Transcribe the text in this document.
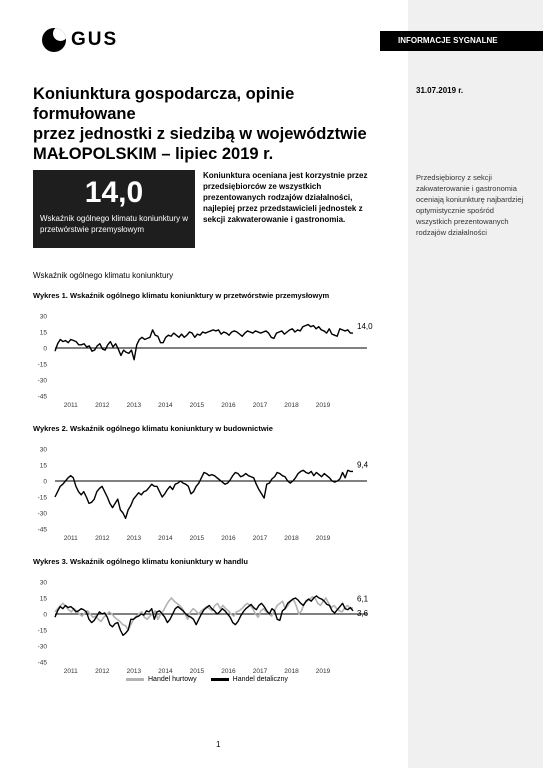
INFORMACJE SYGNALNE
GUS
Koniunktura gospodarcza, opinie formułowane
przez jednostki z siedzibą w województwie
MAŁOPOLSKIM – lipiec 2019 r.
31.07.2019 r.
14,0
Wskaźnik ogólnego klimatu koniunktury w przetwórstwie przemysłowym
Koniunktura oceniana jest korzystnie przez przedsiębiorców ze wszystkich prezentowanych rodzajów działalności, najlepiej przez przedstawicieli jednostek z sekcji zakwaterowanie i gastronomia.
Przedsiębiorcy z sekcji zakwaterowanie i gastronomia oceniają koniunkturę najbardziej optymistycznie spośród wszystkich prezentowanych rodzajów działalności
Wskaźnik ogólnego klimatu koniunktury
Wykres 1. Wskaźnik ogólnego klimatu koniunktury w przetwórstwie przemysłowym
30
15
0
-15
-30
-45
2011	2012	2013	2014	2015	2016	2017	2018	2019
14,0
Wykres 2. Wskaźnik ogólnego klimatu koniunktury w budownictwie
30
15
0
-15
-30
-45
2011	2012	2013	2014	2015	2016	2017	2018	2019
9,4
Wykres 3. Wskaźnik ogólnego klimatu koniunktury w handlu
30
15
0
-15
-30
-45
2011	2012	2013	2014	2015	2016	2017	2018	2019
6,1
3,6
Handel hurtowy	Handel detaliczny
1
